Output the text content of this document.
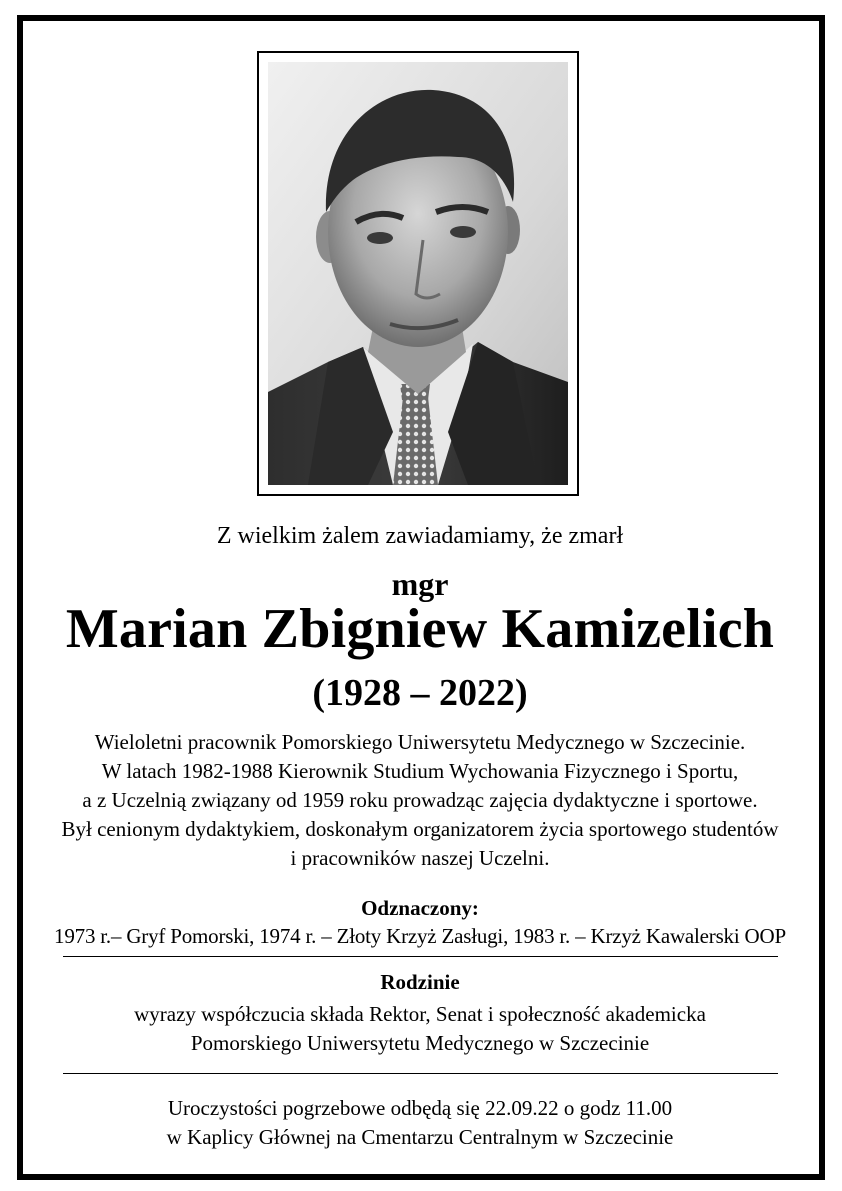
Z wielkim żalem zawiadamiamy, że zmarł
mgr
Marian Zbigniew Kamizelich
(1928 – 2022)
Wieloletni pracownik Pomorskiego Uniwersytetu Medycznego w Szczecinie.
W latach 1982-1988 Kierownik Studium Wychowania Fizycznego i Sportu,
a z Uczelnią związany od 1959 roku prowadząc zajęcia dydaktyczne i sportowe.
Był cenionym dydaktykiem, doskonałym organizatorem życia sportowego studentów
i pracowników naszej Uczelni.
Odznaczony:
1973 r.– Gryf Pomorski, 1974 r. – Złoty Krzyż Zasługi, 1983 r. – Krzyż Kawalerski OOP
Rodzinie
wyrazy współczucia składa Rektor, Senat i społeczność akademicka
Pomorskiego Uniwersytetu Medycznego w Szczecinie
Uroczystości pogrzebowe odbędą się 22.09.22 o godz 11.00
w Kaplicy Głównej na Cmentarzu Centralnym w Szczecinie
